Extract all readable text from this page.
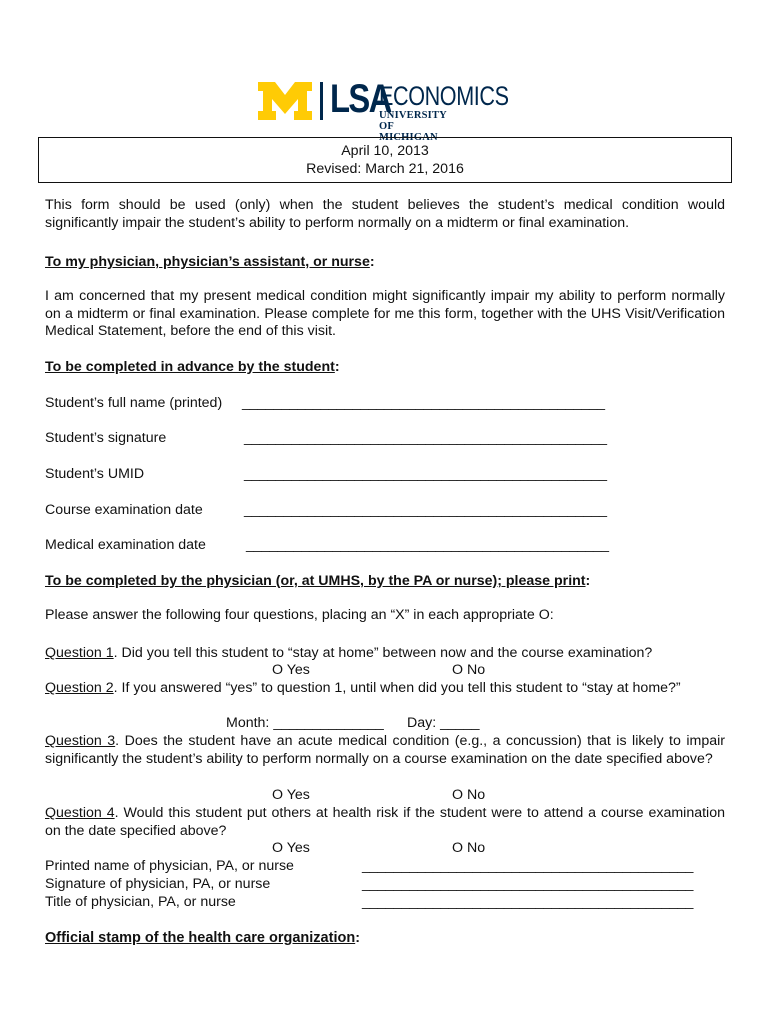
LSA
ECONOMICS
UNIVERSITY OF MICHIGAN
April 10, 2013
Revised: March 21, 2016
This form should be used (only) when the student believes the student’s medical condition would significantly impair the student’s ability to perform normally on a midterm or final examination.
To my physician, physician’s assistant, or nurse:
I am concerned that my present medical condition might significantly impair my ability to perform normally on a midterm or final examination. Please complete for me this form, together with the UHS Visit/Verification Medical Statement, before the end of this visit.
To be completed in advance by the student:
Student’s full name (printed) ______________________________________________
Student’s signature	______________________________________________
Student’s UMID	______________________________________________
Course examination date	______________________________________________
Medical examination date	______________________________________________
To be completed by the physician (or, at UMHS, by the PA or nurse); please print:
Please answer the following four questions, placing an “X” in each appropriate O:
Question 1. Did you tell this student to “stay at home” between now and the course examination?
O Yes	O No
Question 2. If you answered “yes” to question 1, until when did you tell this student to “stay at home?”
Month: ______________ Day: _____
Question 3. Does the student have an acute medical condition (e.g., a concussion) that is likely to impair significantly the student’s ability to perform normally on a course examination on the date specified above?
O Yes	O No
Question 4. Would this student put others at health risk if the student were to attend a course examination on the date specified above?
O Yes	O No
Printed name of physician, PA, or nurse	__________________________________________
Signature of physician, PA, or nurse	__________________________________________
Title of physician, PA, or nurse	__________________________________________
Official stamp of the health care organization:
